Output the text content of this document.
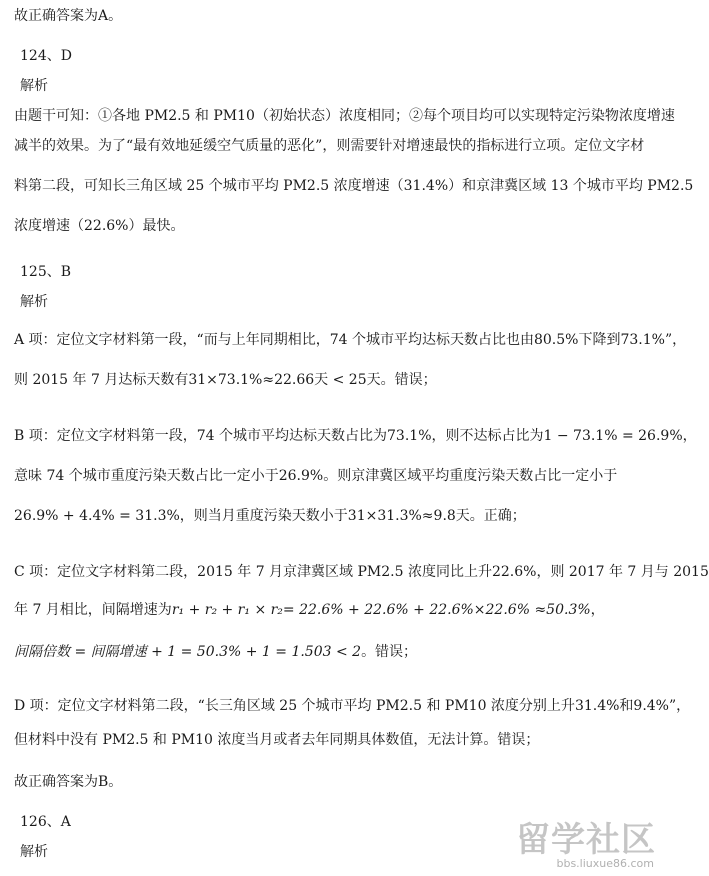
故正确答案为A。
124、D
解析
由题干可知：①各地 PM2.5 和 PM10（初始状态）浓度相同；②每个项目均可以实现特定污染物浓度增速
减半的效果。为了“最有效地延缓空气质量的恶化”，则需要针对增速最快的指标进行立项。定位文字材
料第二段，可知长三角区域 25 个城市平均 PM2.5 浓度增速（31.4%）和京津冀区域 13 个城市平均 PM2.5
浓度增速（22.6%）最快。
125、B
解析
A 项：定位文字材料第一段，“而与上年同期相比，74 个城市平均达标天数占比也由80.5%下降到73.1%”，
则 2015 年 7 月达标天数有31×73.1%≈22.66天 < 25天。错误；
B 项：定位文字材料第一段，74 个城市平均达标天数占比为73.1%，则不达标占比为1 − 73.1% = 26.9%，
意味 74 个城市重度污染天数占比一定小于26.9%。则京津冀区域平均重度污染天数占比一定小于
26.9% + 4.4% = 31.3%，则当月重度污染天数小于31×31.3%≈9.8天。正确；
C 项：定位文字材料第二段，2015 年 7 月京津冀区域 PM2.5 浓度同比上升22.6%，则 2017 年 7 月与 2015
年 7 月相比，间隔增速为r₁ + r₂ + r₁ × r₂= 22.6% + 22.6% + 22.6%×22.6% ≈50.3%，
间隔倍数 = 间隔增速 + 1 = 50.3% + 1 = 1.503 < 2。错误；
D 项：定位文字材料第二段，“长三角区域 25 个城市平均 PM2.5 和 PM10 浓度分别上升31.4%和9.4%”，
但材料中没有 PM2.5 和 PM10 浓度当月或者去年同期具体数值，无法计算。错误；
故正确答案为B。
126、A
解析	留学社区
bbs.liuxue86.com
